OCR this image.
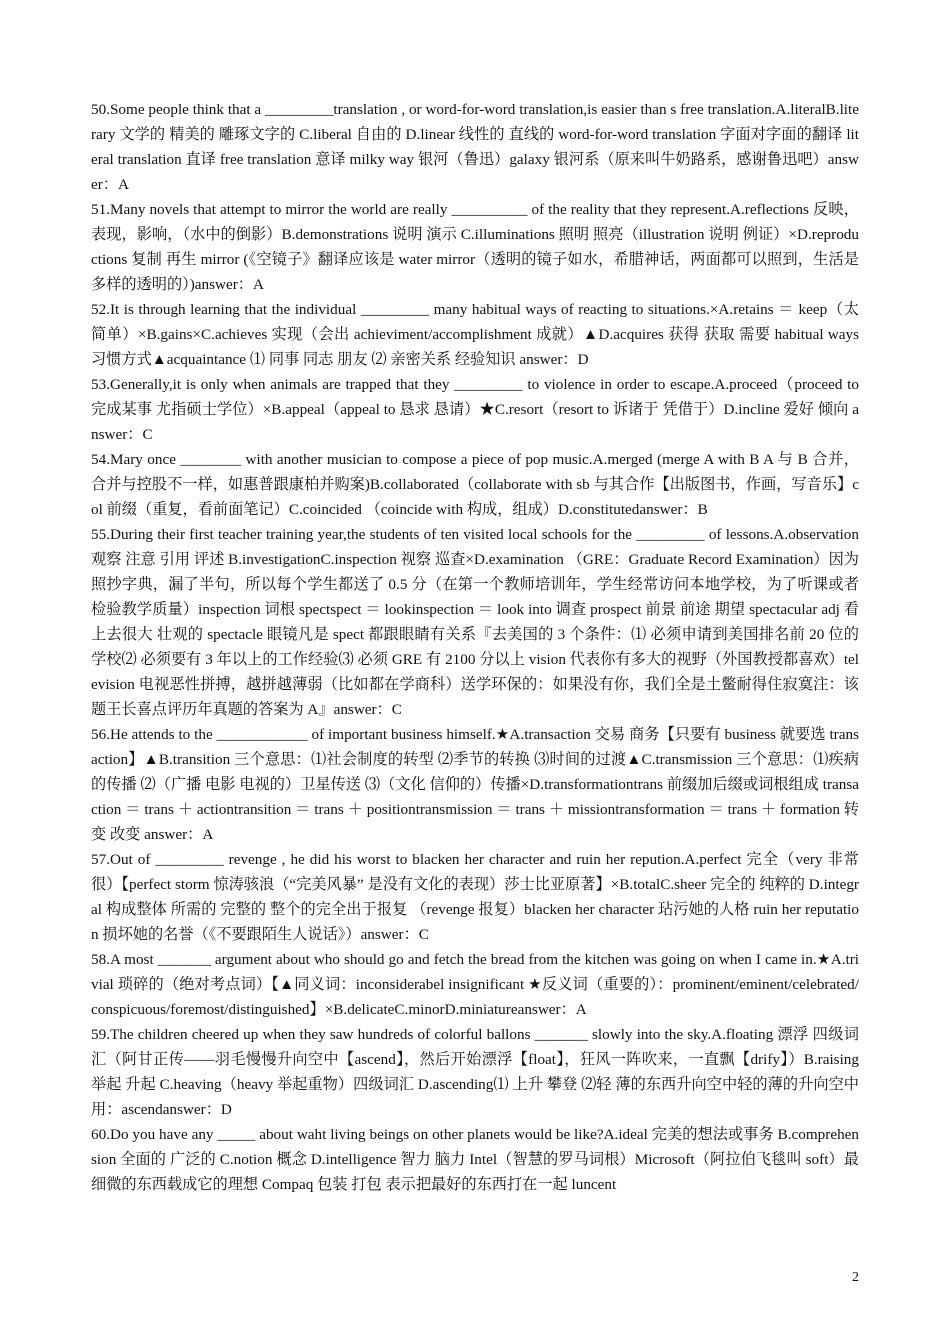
50.Some people think that a _________translation , or word-for-word translation,is easier than s free translation.A.literalB.literary 文学的 精美的 雕琢文字的 C.liberal 自由的 D.linear 线性的 直线的 word-for-word translation 字面对字面的翻译 literal translation 直译 free translation 意译 milky way 银河（鲁迅）galaxy 银河系（原来叫牛奶路系，感谢鲁迅吧）answer：A

51.Many novels that attempt to mirror the world are really __________ of the reality that they represent.A.reflections 反映，表现，影响，（水中的倒影）B.demonstrations 说明 演示 C.illuminations 照明 照亮（illustration 说明 例证）×D.reproductions 复制 再生 mirror (《空镜子》翻译应该是 water mirror（透明的镜子如水，希腊神话，两面都可以照到，生活是多样的透明的）)answer：A

52.It is through learning that the individual _________ many habitual ways of reacting to situations.×A.retains ＝ keep（太简单）×B.gains×C.achieves 实现（会出 achieviment/accomplishment 成就）▲D.acquires 获得 获取 需要 habitual ways 习惯方式▲acquaintance ⑴ 同事 同志 朋友 ⑵ 亲密关系 经验知识 answer：D

53.Generally,it is only when animals are trapped that they _________ to violence in order to escape.A.proceed（proceed to 完成某事 尤指硕士学位）×B.appeal（appeal to 恳求 恳请）★C.resort（resort to 诉诸于 凭借于）D.incline 爱好 倾向 answer：C

54.Mary once ________ with another musician to compose a piece of pop music.A.merged (merge A with B A 与 B 合并，合并与控股不一样，如惠普跟康柏并购案)B.collaborated（collaborate with sb 与其合作【出版图书，作画，写音乐】col 前缀（重复，看前面笔记）C.coincided （coincide with 构成，组成）D.constitutedanswer：B

55.During their first teacher training year,the students of ten visited local schools for the _________ of lessons.A.observation 观察 注意 引用 评述 B.investigationC.inspection 视察 巡查×D.examination （GRE：Graduate Record Examination）因为照抄字典，漏了半句，所以每个学生都送了 0.5 分（在第一个教师培训年，学生经常访问本地学校，为了听课或者检验教学质量）inspection 词根 spectspect ＝ lookinspection ＝ look into 调查 prospect 前景 前途 期望 spectacular adj 看上去很大 壮观的 spectacle 眼镜凡是 spect 都跟眼睛有关系『去美国的 3 个条件：⑴ 必须申请到美国排名前 20 位的学校⑵ 必须要有 3 年以上的工作经验⑶ 必须 GRE 有 2100 分以上 vision 代表你有多大的视野（外国教授都喜欢）television 电视恶性拼搏，越拼越薄弱（比如都在学商科）送学环保的：如果没有你，我们全是土鳖耐得住寂寞注：该题王长喜点评历年真题的答案为 A』answer：C

56.He attends to the ____________ of important business himself.★A.transaction 交易 商务【只要有 business 就要选 transaction】▲B.transition 三个意思：⑴社会制度的转型 ⑵季节的转换 ⑶时间的过渡▲C.transmission 三个意思：⑴疾病的传播 ⑵（广播 电影 电视的）卫星传送 ⑶（文化 信仰的）传播×D.transformationtrans 前缀加后缀或词根组成 transaction ＝ trans ＋ actiontransition ＝ trans ＋ positiontransmission ＝ trans ＋ missiontransformation ＝ trans ＋ formation 转变 改变 answer：A

57.Out of _________ revenge , he did his worst to blacken her character and ruin her repution.A.perfect 完全（very 非常 很）【perfect storm 惊涛骇浪（“完美风暴” 是没有文化的表现）莎士比亚原著】×B.totalC.sheer 完全的 纯粹的 D.integral 构成整体 所需的 完整的 整个的完全出于报复 （revenge 报复）blacken her character 玷污她的人格 ruin her reputation 损坏她的名誉（《不要跟陌生人说话》）answer：C

58.A most _______ argument about who should go and fetch the bread from the kitchen was going on when I came in.★A.trivial 琐碎的（绝对考点词）【▲同义词：inconsiderabel insignificant ★反义词（重要的）：prominent/eminent/celebrated/conspicuous/foremost/distinguished】×B.delicateC.minorD.miniatureanswer：A

59.The children cheered up when they saw hundreds of colorful ballons _______ slowly into the sky.A.floating 漂浮 四级词汇（阿甘正传——羽毛慢慢升向空中【ascend】，然后开始漂浮【float】，狂风一阵吹来，一直飘【drify】）B.raising 举起 升起 C.heaving（heavy 举起重物）四级词汇 D.ascending⑴ 上升 攀登 ⑵轻 薄的东西升向空中轻的薄的升向空中用：ascendanswer：D

60.Do you have any _____ about waht living beings on other planets would be like?A.ideal 完美的想法或事务 B.comprehension 全面的 广泛的 C.notion 概念 D.intelligence 智力 脑力 Intel（智慧的罗马词根）Microsoft（阿拉伯飞毯叫 soft）最细微的东西载成它的理想 Compaq 包装 打包 表示把最好的东西打在一起 luncent

2
